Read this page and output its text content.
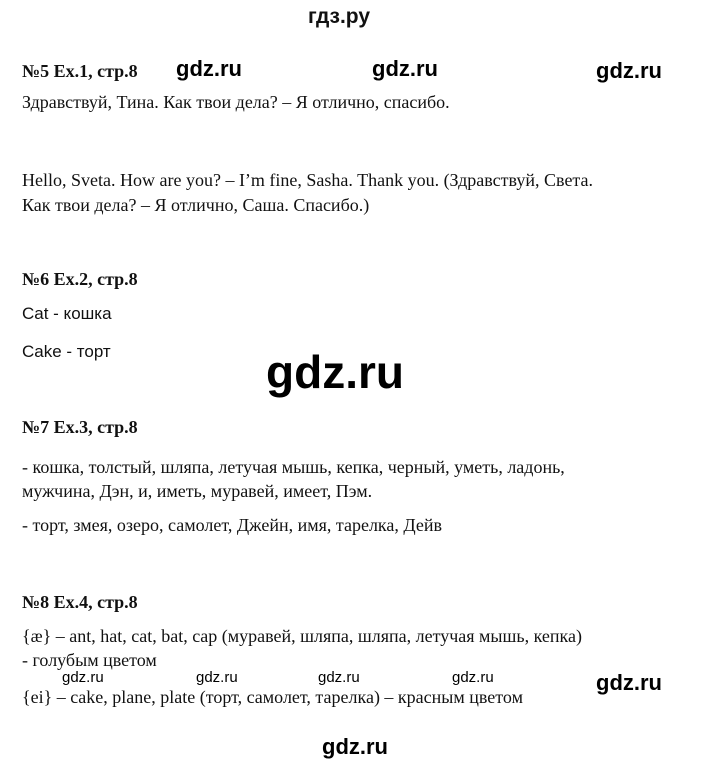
гдз.ру
№5 Ex.1, стр.8 gdz.ru	gdz.ru	gdz.ru
Здравствуй, Тина. Как твои дела? – Я отлично, спасибо.
Hello, Sveta. How are you? – I’m fine, Sasha. Thank you. (Здравствуй, Света.
Как твои дела? – Я отлично, Саша. Спасибо.)
№6 Ex.2, стр.8
Cat - кошка
Cake - торт	gdz.ru
№7 Ex.3, стр.8
- кошка, толстый, шляпа, летучая мышь, кепка, черный, уметь, ладонь,
мужчина, Дэн, и, иметь, муравей, имеет, Пэм.
- торт, змея, озеро, самолет, Джейн, имя, тарелка, Дейв
№8 Ex.4, стр.8
{æ} – ant, hat, cat, bat, cap (муравей, шляпа, шляпа, летучая мышь, кепка)
- голубым цветом
gdz.ru	gdz.ru	gdz.ru	gdz.ru
{ei} – cake, plane, plate (торт, самолет, тарелка) – красным цветом
gdz.ru
gdz.ru
